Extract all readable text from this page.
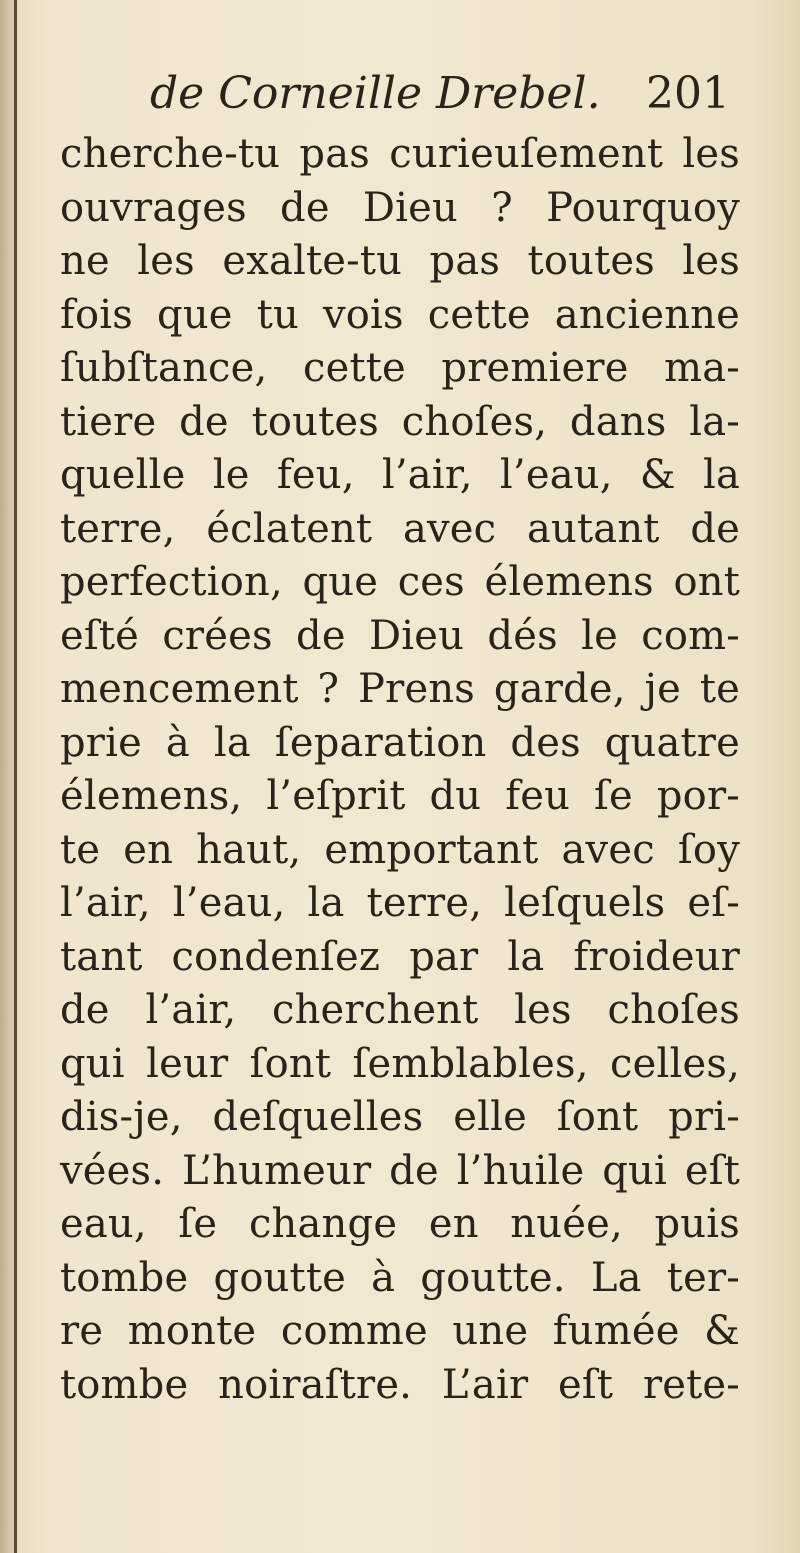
de Corneille Drebel. 201
cherche-tu pas curieuſement les
ouvrages de Dieu ? Pourquoy
ne les exalte-tu pas toutes les
fois que tu vois cette ancienne
ſubſtance, cette premiere ma-
tiere de toutes choſes, dans la-
quelle le feu, l’air, l’eau, & la
terre, éclatent avec autant de
perfection, que ces élemens ont
eſté crées de Dieu dés le com-
mencement ? Prens garde, je te
prie à la ſeparation des quatre
élemens, l’eſprit du feu ſe por-
te en haut, emportant avec ſoy
l’air, l’eau, la terre, leſquels eſ-
tant condenſez par la froideur
de l’air, cherchent les choſes
qui leur ſont ſemblables, celles,
dis-je, deſquelles elle ſont pri-
vées. L’humeur de l’huile qui eſt
eau, ſe change en nuée, puis
tombe goutte à goutte. La ter-
re monte comme une fumée &
tombe noiraſtre. L’air eſt rete-
